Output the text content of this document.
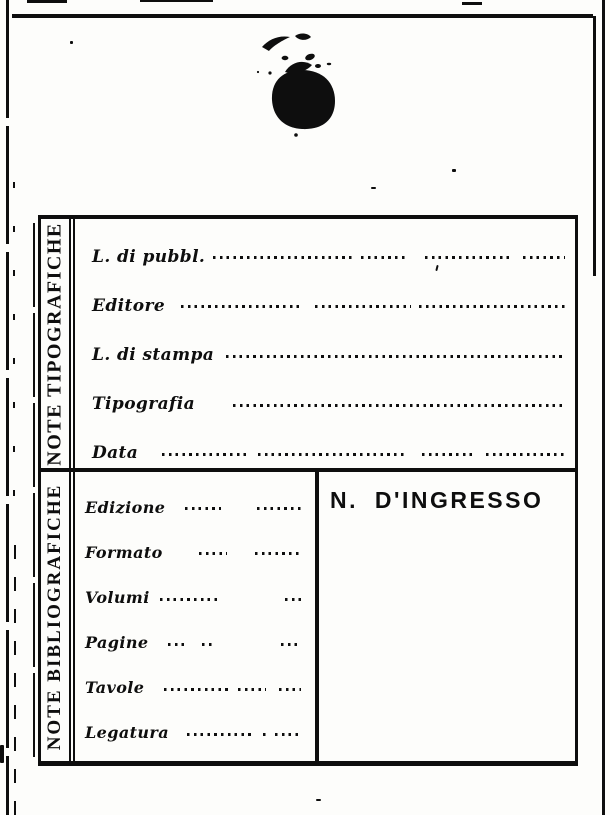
NOTE TIPOGRAFICHE L. di pubbl.
Editore
L. di stampa
Tipografia
Data
NOTE BIBLIOGRAFICHE Edizione
Formato
Volumi
Pagine
Tavole
Legatura
N. D'INGRESSO
